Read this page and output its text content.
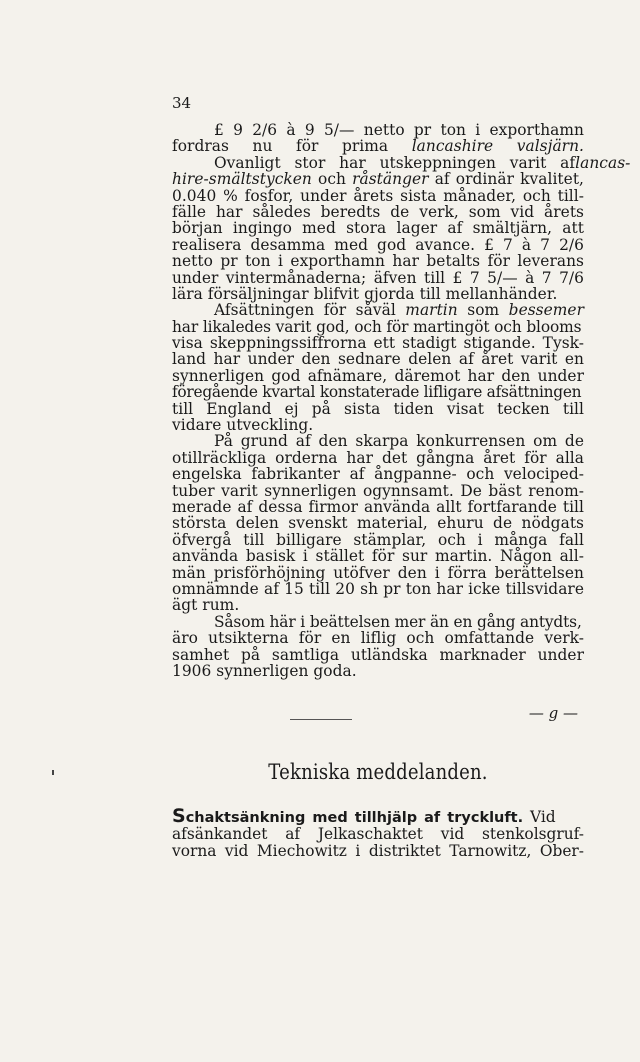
34
£ 9 2/6 à 9 5/— netto pr ton i exporthamn
fordras nu för prima lancashire valsjärn.
Ovanligt stor har utskeppningen varit af lancas-
hire-smältstycken och råstänger af ordinär kvalitet,
0.040 % fosfor, under årets sista månader, och till-
fälle har således beredts de verk, som vid årets
början ingingo med stora lager af smältjärn, att
realisera desamma med god avance. £ 7 à 7 2/6
netto pr ton i exporthamn har betalts för leverans
under vintermånaderna; äfven till £ 7 5/— à 7 7/6
lära försäljningar blifvit gjorda till mellanhänder.
Afsättningen för såväl martin som bessemer
har likaledes varit god, och för martingöt och blooms
visa skeppningssiffrorna ett stadigt stigande. Tysk-
land har under den sednare delen af året varit en
synnerligen god afnämare, däremot har den under
föregående kvartal konstaterade lifligare afsättningen
till England ej på sista tiden visat tecken till
vidare utveckling.
På grund af den skarpa konkurrensen om de
otillräckliga orderna har det gångna året för alla
engelska fabrikanter af ångpanne- och velociped-
tuber varit synnerligen ogynnsamt. De bäst renom-
merade af dessa firmor använda allt fortfarande till
största delen svenskt material, ehuru de nödgats
öfvergå till billigare stämplar, och i många fall
använda basisk i stället för sur martin. Någon all-
män prisförhöjning utöfver den i förra berättelsen
omnämnde af 15 till 20 sh pr ton har icke tillsvidare
ägt rum.
Såsom här i beättelsen mer än en gång antydts,
äro utsikterna för en liflig och omfattande verk-
samhet på samtliga utländska marknader under
1906 synnerligen goda.
— g —
Tekniska meddelanden.
Schaktsänkning med tillhjälp af tryckluft. Vid
afsänkandet af Jelkaschaktet vid stenkolsgruf-
vorna vid Miechowitz i distriktet Tarnowitz, Ober-
